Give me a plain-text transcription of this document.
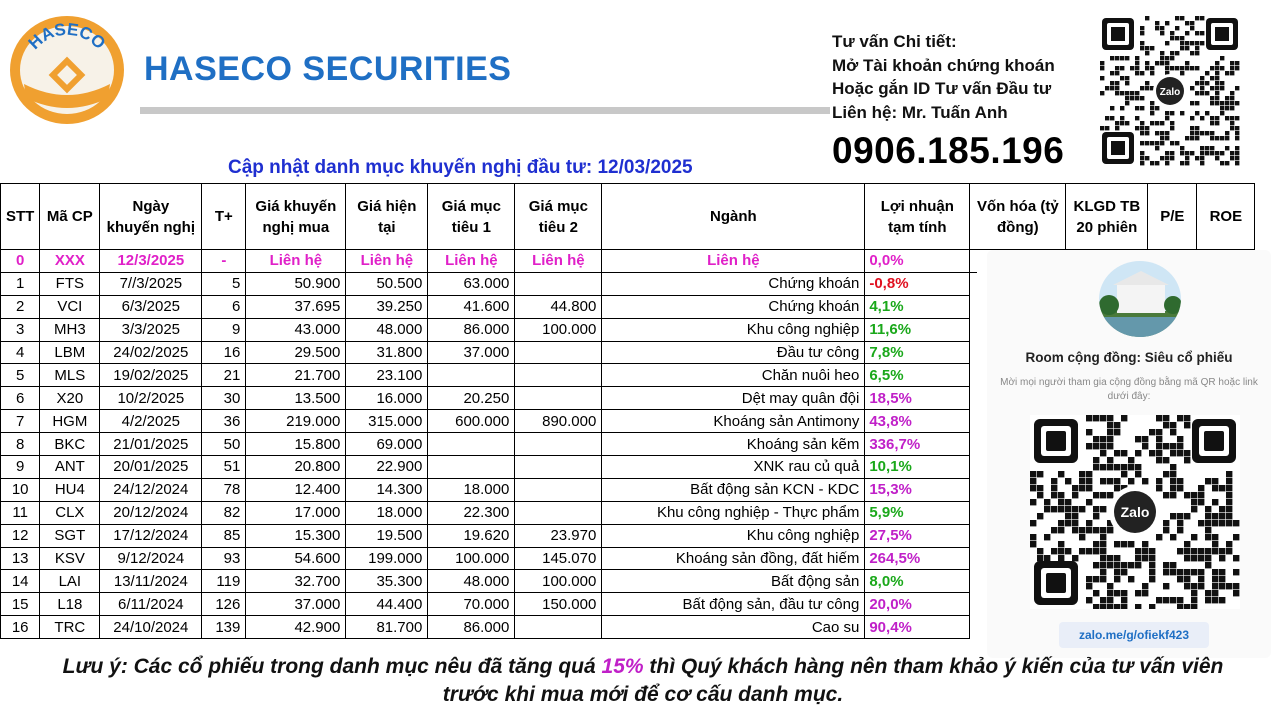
HASECO
HASECO SECURITIES
Tư vấn Chi tiết:
Mở Tài khoản chứng khoán
Hoặc gắn ID Tư vấn Đầu tư
Liên hệ: Mr. Tuấn Anh
0906.185.196
Zalo
Cập nhật danh mục khuyến nghị đầu tư: 12/03/2025
STT	Mã CP	Ngày khuyến nghị	T+	Giá khuyến nghị mua	Giá hiện tại	Giá mục tiêu 1	Giá mục tiêu 2	Ngành	Lợi nhuận tạm tính	Vốn hóa (tỷ đồng)	KLGD TB 20 phiên	P/E	ROE
0	XXX	12/3/2025	-	Liên hệ	Liên hệ	Liên hệ	Liên hệ	Liên hệ	0,0%				
1	FTS	7//3/2025	5	50.900	50.500	63.000		Chứng khoán	-0,8%				
2	VCI	6/3/2025	6	37.695	39.250	41.600	44.800	Chứng khoán	4,1%				
3	MH3	3/3/2025	9	43.000	48.000	86.000	100.000	Khu công nghiệp	11,6%				
4	LBM	24/02/2025	16	29.500	31.800	37.000		Đầu tư công	7,8%				
5	MLS	19/02/2025	21	21.700	23.100			Chăn nuôi heo	6,5%				
6	X20	10/2/2025	30	13.500	16.000	20.250		Dệt may quân đội	18,5%				
7	HGM	4/2/2025	36	219.000	315.000	600.000	890.000	Khoáng sản Antimony	43,8%				
8	BKC	21/01/2025	50	15.800	69.000			Khoáng sản kẽm	336,7%				
9	ANT	20/01/2025	51	20.800	22.900			XNK rau củ quả	10,1%				
10	HU4	24/12/2024	78	12.400	14.300	18.000		Bất động sản KCN - KDC	15,3%				
11	CLX	20/12/2024	82	17.000	18.000	22.300		Khu công nghiệp - Thực phẩm	5,9%				
12	SGT	17/12/2024	85	15.300	19.500	19.620	23.970	Khu công nghiệp	27,5%				
13	KSV	9/12/2024	93	54.600	199.000	100.000	145.070	Khoáng sản đồng, đất hiếm	264,5%				
14	LAI	13/11/2024	119	32.700	35.300	48.000	100.000	Bất động sản	8,0%				
15	L18	6/11/2024	126	37.000	44.400	70.000	150.000	Bất động sản, đầu tư công	20,0%				
16	TRC	24/10/2024	139	42.900	81.700	86.000		Cao su	90,4%				
Room cộng đồng: Siêu cổ phiếu
Mời mọi người tham gia cộng đồng bằng mã QR hoặc link dưới đây:
Zalo
zalo.me/g/ofiekf423
Lưu ý: Các cổ phiếu trong danh mục nêu đã tăng quá 15% thì Quý khách hàng nên tham khảo ý kiến của tư vấn viên
trước khi mua mới để cơ cấu danh mục.
